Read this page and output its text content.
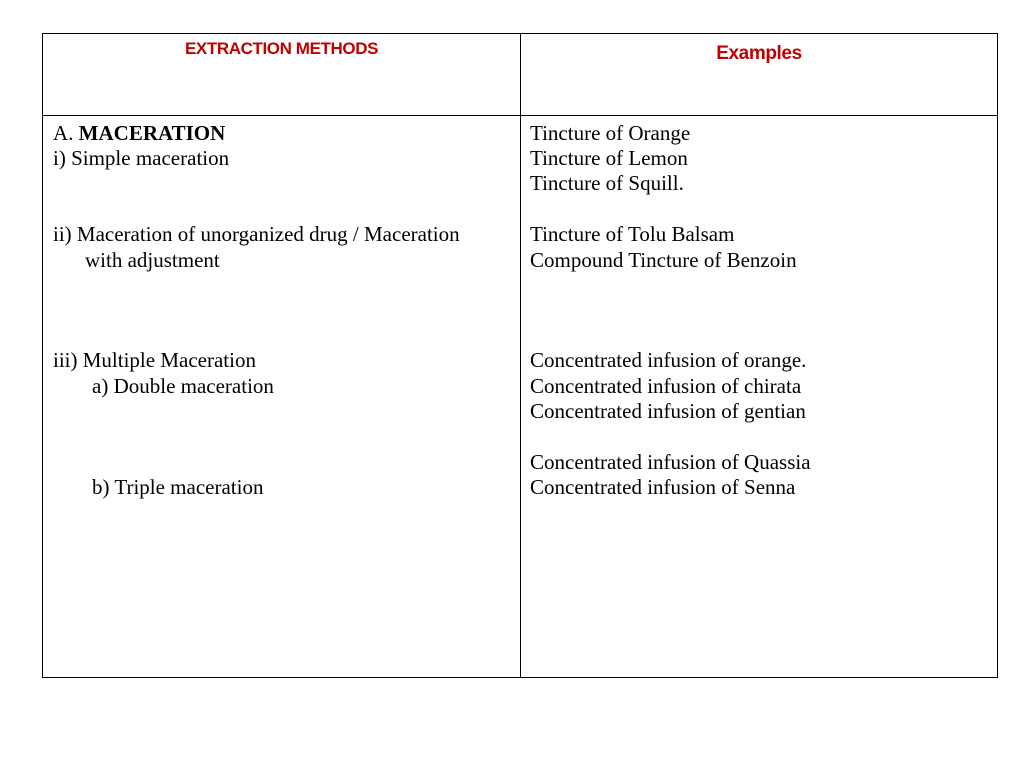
EXTRACTION METHODS	Examples
A. MACERATION
i) Simple maceration
ii) Maceration of unorganized drug / Maceration
with adjustment
iii) Multiple Maceration
a) Double maceration
b) Triple maceration
Tincture of Orange
Tincture of Lemon
Tincture of Squill.
Tincture of Tolu Balsam
Compound Tincture of Benzoin
Concentrated infusion of orange.
Concentrated infusion of chirata
Concentrated infusion of gentian
Concentrated infusion of Quassia
Concentrated infusion of Senna
